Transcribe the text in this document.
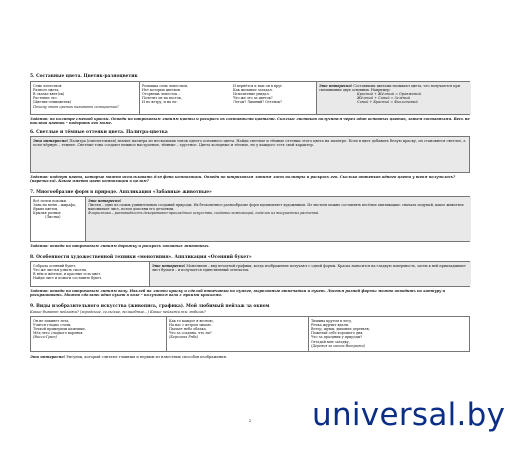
5. Составные цвета. Цветик-разноцветик
Семь лепестков
Разного цвета,
В сказке квет(ок)
Растение это.
(Цветик-семицветик)
Почему этот цветок называют семицветик?
Ромашка семь лепестков,
Нет которых цветков.
Оторвешь лепесток –
Полетит он на восток,
И по ветру, и на юг.
И вернётся к нам он в круг.
Как желание загадал.
Исполнение увидал.
Что же это за цветок?
Летом? Лишний? Оттенок?
Это интересно! Составными цветами называют цвета, что получаются при смешивании двух основных. Например:
Красный + Жёлтый = Оранжевый
Жёлтый + Синий = Зелёный
Синий + Красный = Фиолетовый
Задание: на палитре смешай краски. Обведи по штриховым линиям цветы и раскрась их составными цветами. Сколько листиков получится через один основных цветов, затем составными. Весь не наклеив цветок – подарить его маме.
6. Светлые и тёмные оттенки цвета. Палитра-цветка
Это интересно! Палитра (смесительная) значит палитра из нескольких тонов одного основного цвета. Найди светлые и тёмные оттенки этого цвета на палитре. Если в цвет добавить белую краску, он становится светлее, а если чёрную – темнее. Светлые тона создают нежное настроение, тёмные – грустное. Цвета холодные и тёплые, но у каждого есть свой характер.
Задание: подбери цвета, которые можно использовать для фона композиции. Обведи по штриховым линиям лист палитры и раскрась его. Сколько оттенков одного цвета у тебя получилось? (перечисли). Какие имеют цвет композиции в целом?
7. Многообразие форм в природе. Аппликация «Забавные животные»
Всё почти похожи.
Заяц на меня – жирафа,
Ярких цветов,
Крылья разные
(Листва)
Это интересно!
Листья – одно из самых удивительных созданий природы. Их бесконечное разнообразие форм вдохновляет художников. Из листьев можно составлять весёлые аппликации: сначала подумай, какое животное напоминает лист, потом дополни его деталями.
Флористика – разновидность декоративно-прикладного искусства, создание композиций, поделок из высушенных растений.
Задание: обведи по штриховым линиям дорожку и раскрась забавных животных.
8. Особенности художественной техники «монотипия». Аппликация «Осенний букет»
Собрала осенний букет,
Что же листья узнать смогли,
В нём и жёлтые, и красные есть цвет.
Найди лист и помоги составить букет.
Это интересно! Монотипия – вид печатной графики, когда изображение получают с одной формы. Краска наносится на гладкую поверхность, затем к ней прикладывают лист бумаги – и получается единственный отпечаток.
Задание: обведи по штриховым линиям вазу. Наклей на листы краску и сделай отпечатки на бумаге, вырезанные отпечатки и букет. Листья разной формы можно обводить по контуру и раскрашивать. Можно сделать один букет в вазе – получится ваза с яркими красками.
9. Виды изобразительного искусства (живопись, графика). Мой любимый пейзаж за окном
Какие бывают пейзажи? (городские, сельские, волшебные...) Какие пейзажи ты любишь?
Он не покинет лета,
Учится гладко стали,
Точкой примерили камешки,
Мёд лето сладкого варенья.
(Виссо-Грат)
Как то каждое я весною,
На нас с ветром зимою.
Пылает небо облака,
Что за ссадина, что ли?
(Березина Рябь)
Тишина кругом в лесу,
Речка журчит вдали.
Ветер, шумы, дыхание деревьев,
Пожелай себе хорошего дня,
Что за праздник у природы?
Отгадай мне загадку,
(Деревья за окном Витражи)
Это интересно! Рисунок, который считают главным и первым из известных способов изображения.
2 universal.by
